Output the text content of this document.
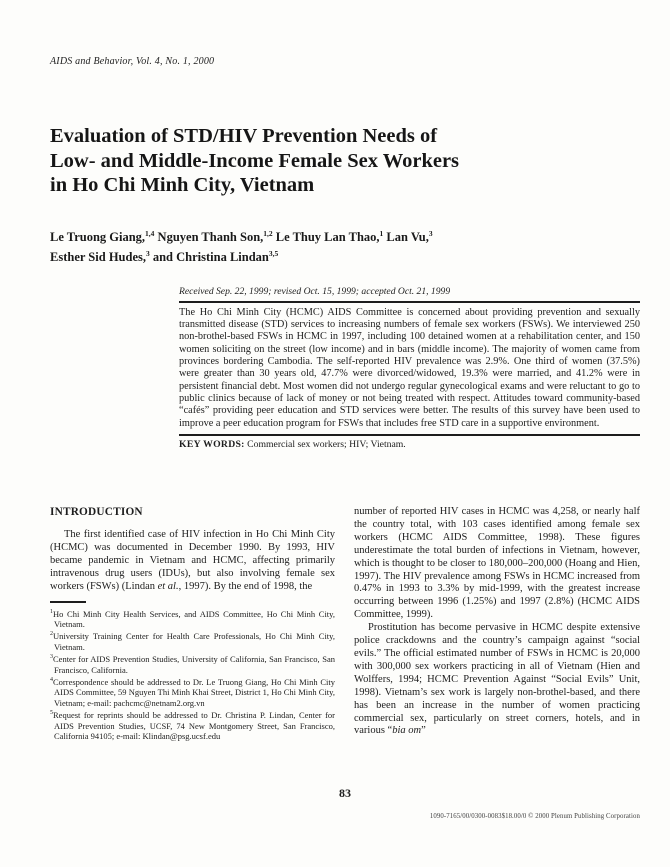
AIDS and Behavior, Vol. 4, No. 1, 2000
Evaluation of STD/HIV Prevention Needs of
Low- and Middle-Income Female Sex Workers
in Ho Chi Minh City, Vietnam
Le Truong Giang,$^{1,4}$ Nguyen Thanh Son,$^{1,2}$ Le Thuy Lan Thao,$^1$ Lan Vu,$^3$
Esther Sid Hudes,$^3$ and Christina Lindan$^{3,5}$
Received Sep. 22, 1999; revised Oct. 15, 1999; accepted Oct. 21, 1999

The Ho Chi Minh City (HCMC) AIDS Committee is concerned about providing prevention and sexually transmitted disease (STD) services to increasing numbers of female sex workers (FSWs). We interviewed 250 non-brothel-based FSWs in HCMC in 1997, including 100 detained women at a rehabilitation center, and 150 women soliciting on the street (low income) and in bars (middle income). The majority of women came from provinces bordering Cambodia. The self-reported HIV prevalence was 2.9%. One third of women (37.5%) were greater than 30 years old, 47.7% were divorced/widowed, 19.3% were married, and 41.2% were in persistent financial debt. Most women did not undergo regular gynecological exams and were reluctant to go to public clinics because of lack of money or not being treated with respect. Attitudes toward community-based “cafés” providing peer education and STD services were better. The results of this survey have been used to improve a peer education program for FSWs that includes free STD care in a supportive environment.

KEY WORDS: Commercial sex workers; HIV; Vietnam.

INTRODUCTION

The first identified case of HIV infection in Ho Chi Minh City (HCMC) was documented in December 1990. By 1993, HIV became pandemic in Vietnam and HCMC, affecting primarily intravenous drug users (IDUs), but also involving female sex workers (FSWs) (Lindan et al., 1997). By the end of 1998, the

$^1$Ho Chi Minh City Health Services, and AIDS Committee, Ho Chi Minh City, Vietnam.

$^2$University Training Center for Health Care Professionals, Ho Chi Minh City, Vietnam.

$^3$Center for AIDS Prevention Studies, University of California, San Francisco, San Francisco, California.

$^4$Correspondence should be addressed to Dr. Le Truong Giang, Ho Chi Minh City AIDS Committee, 59 Nguyen Thi Minh Khai Street, District 1, Ho Chi Minh City, Vietnam; e-mail: pachcmc@netnam2.org.vn

$^5$Request for reprints should be addressed to Dr. Christina P. Lindan, Center for AIDS Prevention Studies, UCSF, 74 New Montgomery Street, San Francisco, California 94105; e-mail: Klindan@psg.ucsf.edu

number of reported HIV cases in HCMC was 4,258, or nearly half the country total, with 103 cases identified among female sex workers (HCMC AIDS Committee, 1998). These figures underestimate the total burden of infections in Vietnam, however, which is thought to be closer to 180,000–200,000 (Hoang and Hien, 1997). The HIV prevalence among FSWs in HCMC increased from 0.47% in 1993 to 3.3% by mid-1999, with the greatest increase occurring between 1996 (1.25%) and 1997 (2.8%) (HCMC AIDS Committee, 1999).

Prostitution has become pervasive in HCMC despite extensive police crackdowns and the country’s campaign against “social evils.” The official estimated number of FSWs in HCMC is 20,000 with 300,000 sex workers practicing in all of Vietnam (Hien and Wolffers, 1994; HCMC Prevention Against “Social Evils” Unit, 1998). Vietnam’s sex work is largely non-brothel-based, and there has been an increase in the number of women practicing commercial sex, particularly on street corners, hotels, and in various “bia om”

83
1090-7165/00/0300-0083$18.00/0 © 2000 Plenum Publishing Corporation
